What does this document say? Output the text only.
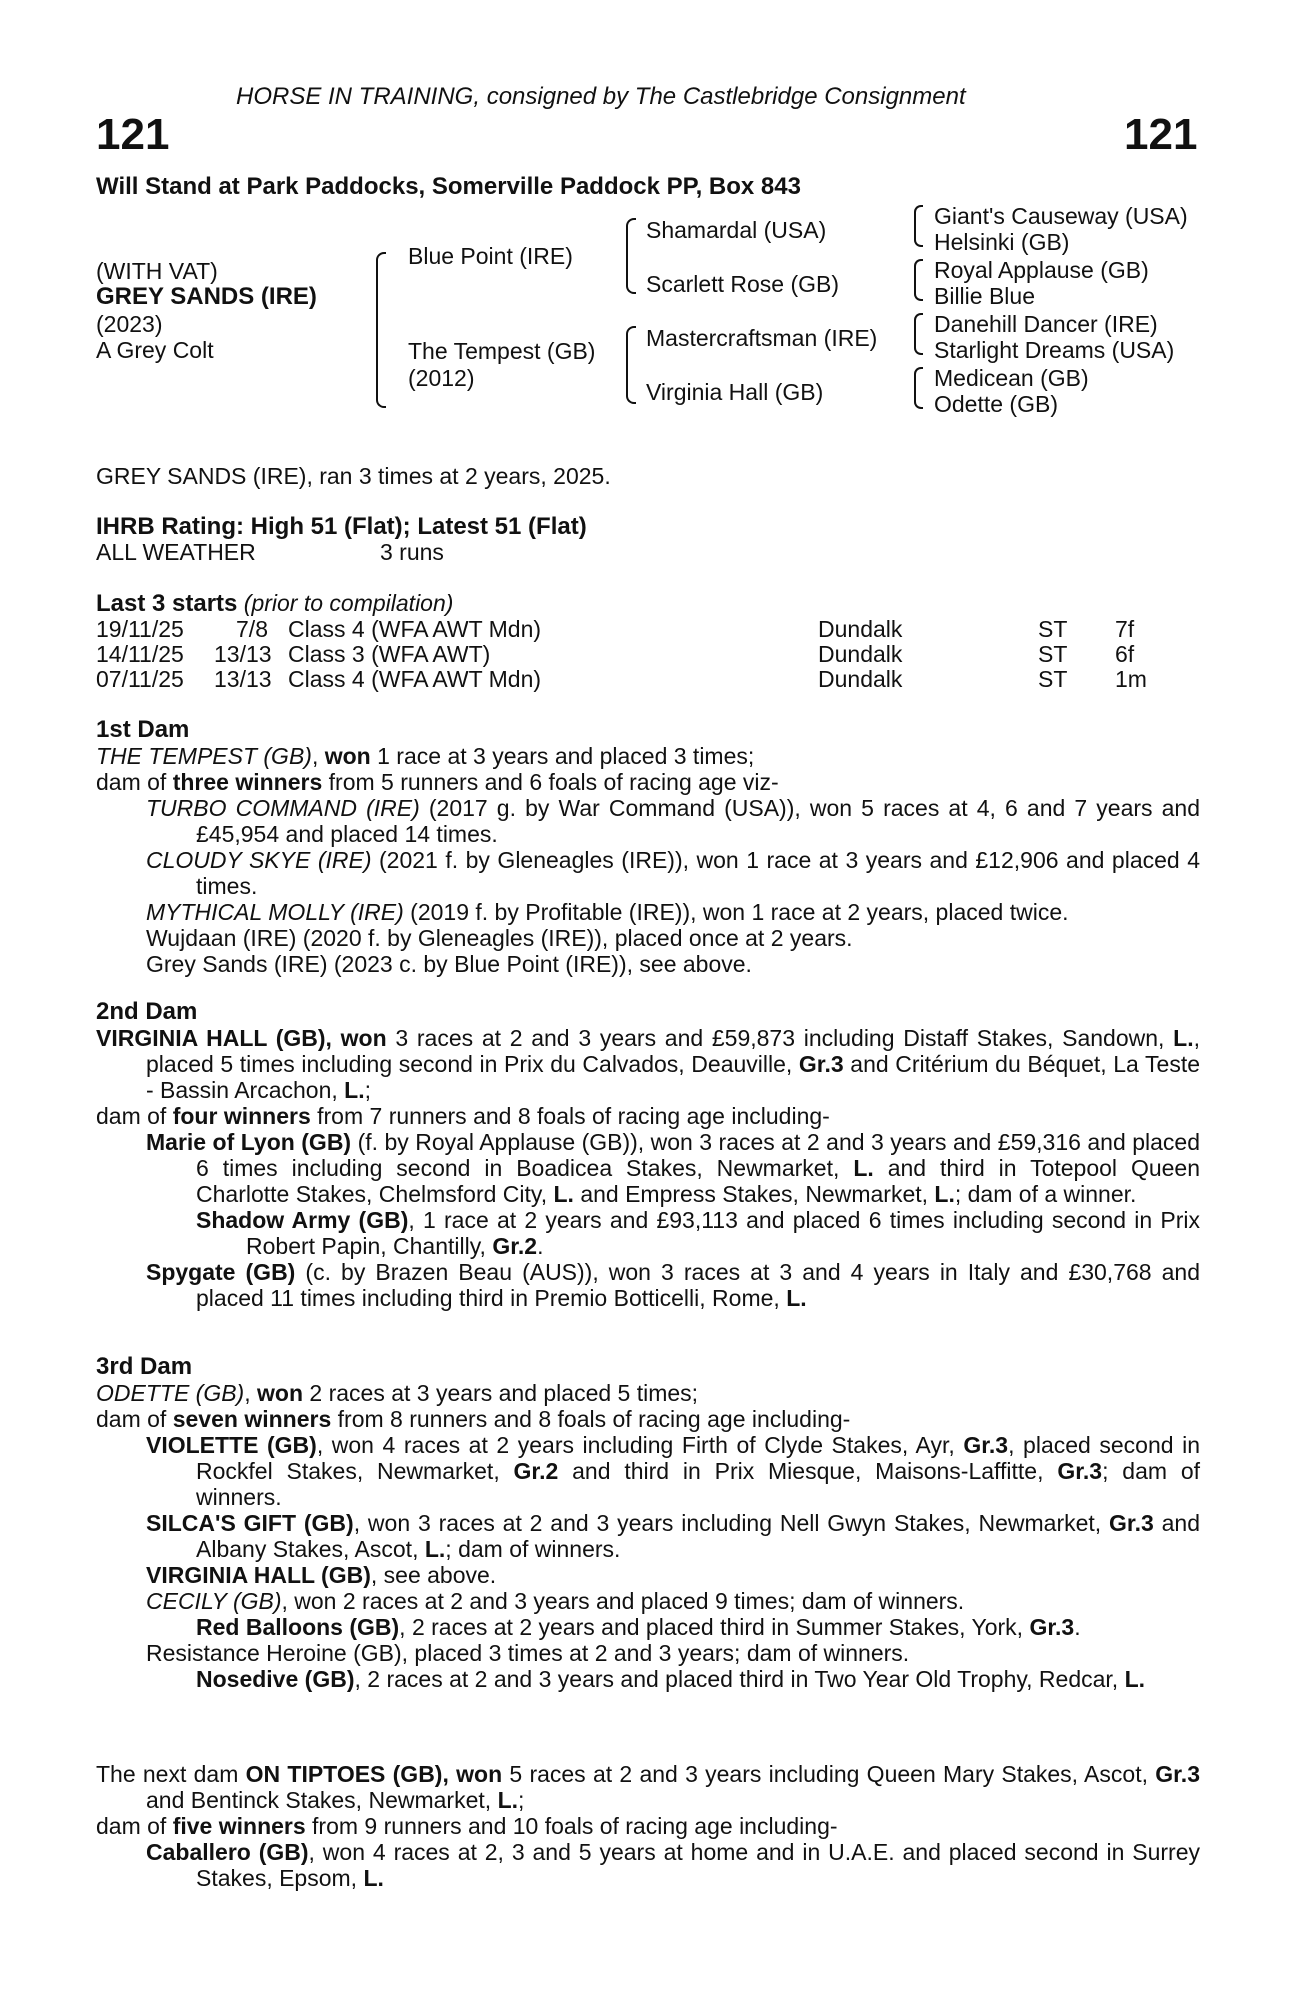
HORSE IN TRAINING, consigned by The Castlebridge Consignment
121	121
Will Stand at Park Paddocks, Somerville Paddock PP, Box 843
(WITH VAT)
GREY SANDS (IRE)
(2023)
A Grey Colt
Blue Point (IRE)
The Tempest (GB)
(2012)
Shamardal (USA)
Scarlett Rose (GB)
Mastercraftsman (IRE)
Virginia Hall (GB)
Giant's Causeway (USA)
Helsinki (GB)
Royal Applause (GB)
Billie Blue
Danehill Dancer (IRE)
Starlight Dreams (USA)
Medicean (GB)
Odette (GB)
GREY SANDS (IRE), ran 3 times at 2 years, 2025.
IHRB Rating: High 51 (Flat); Latest 51 (Flat)
ALL WEATHER	3 runs
Last 3 starts (prior to compilation)
19/11/25	7/8 Class 4 (WFA AWT Mdn)	Dundalk	ST 7f
14/11/25 13/13 Class 3 (WFA AWT)	Dundalk	ST 6f
07/11/25 13/13 Class 4 (WFA AWT Mdn)	Dundalk	ST 1m

1st Dam

THE TEMPEST (GB), won 1 race at 3 years and placed 3 times;

dam of three winners from 5 runners and 6 foals of racing age viz-

TURBO COMMAND (IRE) (2017 g. by War Command (USA)), won 5 races at 4, 6 and 7 years and £45,954 and placed 14 times.

CLOUDY SKYE (IRE) (2021 f. by Gleneagles (IRE)), won 1 race at 3 years and £12,906 and placed 4 times.

MYTHICAL MOLLY (IRE) (2019 f. by Profitable (IRE)), won 1 race at 2 years, placed twice.

Wujdaan (IRE) (2020 f. by Gleneagles (IRE)), placed once at 2 years.

Grey Sands (IRE) (2023 c. by Blue Point (IRE)), see above.

2nd Dam

VIRGINIA HALL (GB), won 3 races at 2 and 3 years and £59,873 including Distaff Stakes, Sandown, L., placed 5 times including second in Prix du Calvados, Deauville, Gr.3 and Critérium du Béquet, La Teste - Bassin Arcachon, L.;

dam of four winners from 7 runners and 8 foals of racing age including-

Marie of Lyon (GB) (f. by Royal Applause (GB)), won 3 races at 2 and 3 years and £59,316 and placed 6 times including second in Boadicea Stakes, Newmarket, L. and third in Totepool Queen Charlotte Stakes, Chelmsford City, L. and Empress Stakes, Newmarket, L.; dam of a winner.

Shadow Army (GB), 1 race at 2 years and £93,113 and placed 6 times including second in Prix Robert Papin, Chantilly, Gr.2.

Spygate (GB) (c. by Brazen Beau (AUS)), won 3 races at 3 and 4 years in Italy and £30,768 and placed 11 times including third in Premio Botticelli, Rome, L.

3rd Dam

ODETTE (GB), won 2 races at 3 years and placed 5 times;

dam of seven winners from 8 runners and 8 foals of racing age including-

VIOLETTE (GB), won 4 races at 2 years including Firth of Clyde Stakes, Ayr, Gr.3, placed second in Rockfel Stakes, Newmarket, Gr.2 and third in Prix Miesque, Maisons-Laffitte, Gr.3; dam of winners.

SILCA'S GIFT (GB), won 3 races at 2 and 3 years including Nell Gwyn Stakes, Newmarket, Gr.3 and Albany Stakes, Ascot, L.; dam of winners.

VIRGINIA HALL (GB), see above.

CECILY (GB), won 2 races at 2 and 3 years and placed 9 times; dam of winners.

Red Balloons (GB), 2 races at 2 years and placed third in Summer Stakes, York, Gr.3.

Resistance Heroine (GB), placed 3 times at 2 and 3 years; dam of winners.

Nosedive (GB), 2 races at 2 and 3 years and placed third in Two Year Old Trophy, Redcar, L.

The next dam ON TIPTOES (GB), won 5 races at 2 and 3 years including Queen Mary Stakes, Ascot, Gr.3 and Bentinck Stakes, Newmarket, L.;

dam of five winners from 9 runners and 10 foals of racing age including-

Caballero (GB), won 4 races at 2, 3 and 5 years at home and in U.A.E. and placed second in Surrey Stakes, Epsom, L.
